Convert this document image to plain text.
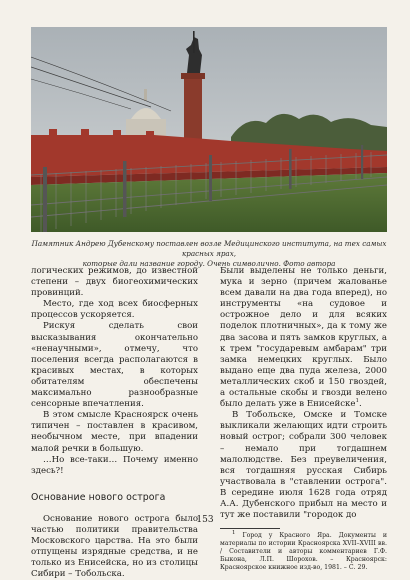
Памятник Андрею Дубенскому поставлен возле Медицинского института, на тех самых красных ярах,
которые дали название городу. Очень символично. Фото автора

логических режимов, до известной степени – двух биогеохимических провинций.

Место, где ход всех биосферных процессов ускоряется.

Рискуя сделать свои высказывания окончательно «ненаучными», отмечу, что поселения всегда располагаются в красивых местах, в которых обитателям обеспечены максимально разнообразные сенсорные впечатления.

В этом смысле Красноярск очень типичен – поставлен в красивом, необычном месте, при впадении малой речки в большую.

…Но все-таки… Почему именно здесь?!

Основание нового острога

Основание нового острога было частью политики правительства Московского царства. На это были отпущены изрядные средства, и не только из Енисейска, но из столицы Сибири – Тобольска.

Были выделены не только деньги, мука и зерно (причем жалованье всем давали на два года вперед), но инструменты «на судовое и острожное дело и для всяких поделок плотничных», да к тому же два засова и пять замков круглых, а к трем "государевым амбарам" три замка немецких круглых. Было выдано еще два пуда железа, 2000 металлических скоб и 150 гвоздей, а остальные скобы и гвозди велено было делать уже в Енисейске$^1$.

В Тобольске, Омске и Томске выкликали желающих идти строить новый острог; собрали 300 человек – немало при тогдашнем малолюдстве. Без преувеличения, вся тогдашняя русская Сибирь участвовала в "ставлении острога". В середине июля 1628 года отряд А.А. Дубенского прибыл на место и тут же поставили "городок до

$^1$ Город у Красного Яра. Документы и материалы по истории Красноярска XVII–XVIII вв. / Составители и авторы комментариев Г.Ф. Быкона, Л.П. Шорохов. – Красноярск: Красноярское книжное изд-во, 1981. – С. 29.

153
